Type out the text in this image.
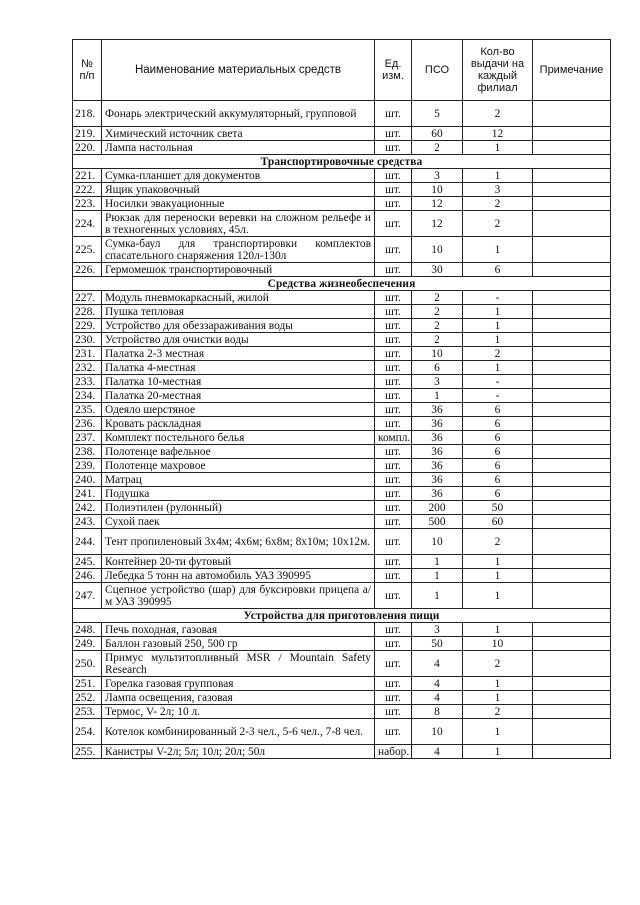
№
п/п	Наименование материальных средств	Ед.
изм.	ПСО	Кол-во
выдачи на
каждый
филиал	Примечание
218.	Фонарь электрический аккумуляторный, групповой	шт.	5	2	
219.	Химический источник света	шт.	60	12	
220.	Лампа настольная	шт.	2	1	
Транспортировочные средства					
221.	Сумка-планшет для документов	шт.	3	1	
222.	Ящик упаковочный	шт.	10	3	
223.	Носилки эвакуационные	шт.	12	2	
224.	Рюкзак для переноски веревки на сложном рельефе и в техногенных условиях, 45л.	шт.	12	2	
225.	Сумка-баул для транспортировки комплектов спасательного снаряжения 120л-130л	шт.	10	1	
226.	Гермомешок транспортировочный	шт.	30	6	
Средства жизнеобеспечения					
227.	Модуль пневмокаркасный, жилой	шт.	2	-	
228.	Пушка тепловая	шт.	2	1	
229.	Устройство для обеззараживания воды	шт.	2	1	
230.	Устройство для очистки воды	шт.	2	1	
231.	Палатка 2-3 местная	шт.	10	2	
232.	Палатка 4-местная	шт.	6	1	
233.	Палатка 10-местная	шт.	3	-	
234.	Палатка 20-местная	шт.	1	-	
235.	Одеяло шерстяное	шт.	36	6	
236.	Кровать раскладная	шт.	36	6	
237.	Комплект постельного белья	компл.	36	6	
238.	Полотенце вафельное	шт.	36	6	
239.	Полотенце махровое	шт.	36	6	
240.	Матрац	шт.	36	6	
241.	Подушка	шт.	36	6	
242.	Полиэтилен (рулонный)	шт.	200	50	
243.	Сухой паек	шт.	500	60	
244.	Тент пропиленовый 3х4м; 4х6м; 6х8м; 8х10м; 10х12м.	шт.	10	2	
245.	Контейнер 20-ти футовый	шт.	1	1	
246.	Лебедка 5 тонн на автомобиль УАЗ 390995	шт.	1	1	
247.	Сцепное устройство (шар) для буксировки прицепа а/м УАЗ 390995	шт.	1	1	
Устройства для приготовления пищи					
248.	Печь походная, газовая	шт.	3	1	
249.	Баллон газовый 250, 500 гр	шт.	50	10	
250.	Примус мультитопливный MSR / Mountain Safety Research	шт.	4	2	
251.	Горелка газовая групповая	шт.	4	1	
252.	Лампа освещения, газовая	шт.	4	1	
253.	Термос, V- 2л; 10 л.	шт.	8	2	
254.	Котелок комбинированный 2-3 чел., 5-6 чел., 7-8 чел.	шт.	10	1	
255.	Канистры V-2л; 5л; 10л; 20л; 50л	набор.	4	1	
